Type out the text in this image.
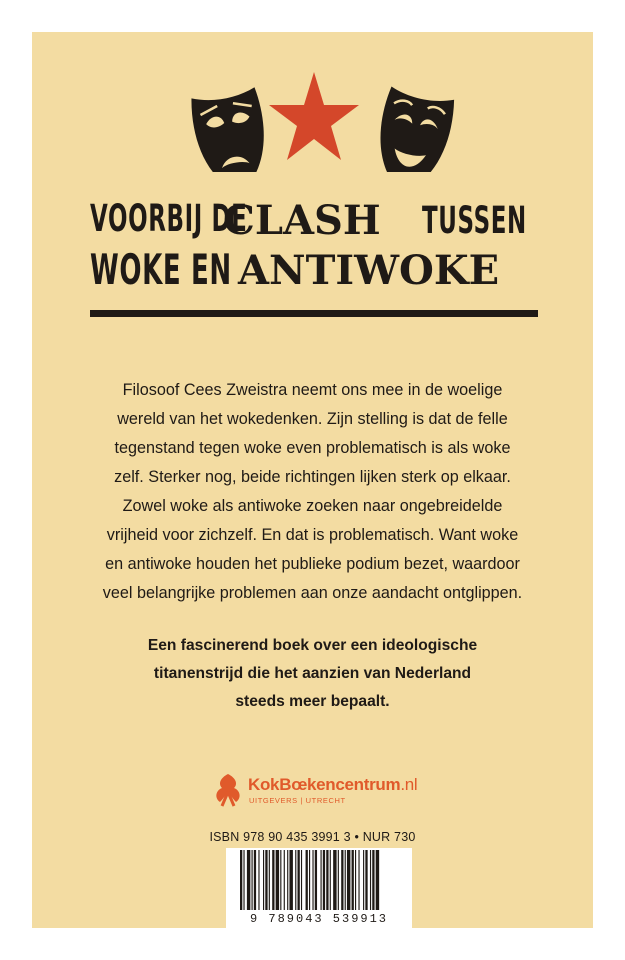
VOORBIJ DE
CLASH TUSSEN
WOKE EN ANTIWOKE
Filosoof Cees Zweistra neemt ons mee in de woelige
wereld van het wokedenken. Zijn stelling is dat de felle
tegenstand tegen woke even problematisch is als woke
zelf. Sterker nog, beide richtingen lijken sterk op elkaar.
Zowel woke als antiwoke zoeken naar ongebreidelde
vrijheid voor zichzelf. En dat is problematisch. Want woke
en antiwoke houden het publieke podium bezet, waardoor
veel belangrijke problemen aan onze aandacht ontglippen.
Een fascinerend boek over een ideologische
titanenstrijd die het aanzien van Nederland
steeds meer bepaalt.
KokBœkencentrum.nl
UITGEVERS | UTRECHT
ISBN 978 90 435 3991 3 • NUR 730
9 789043 539913
